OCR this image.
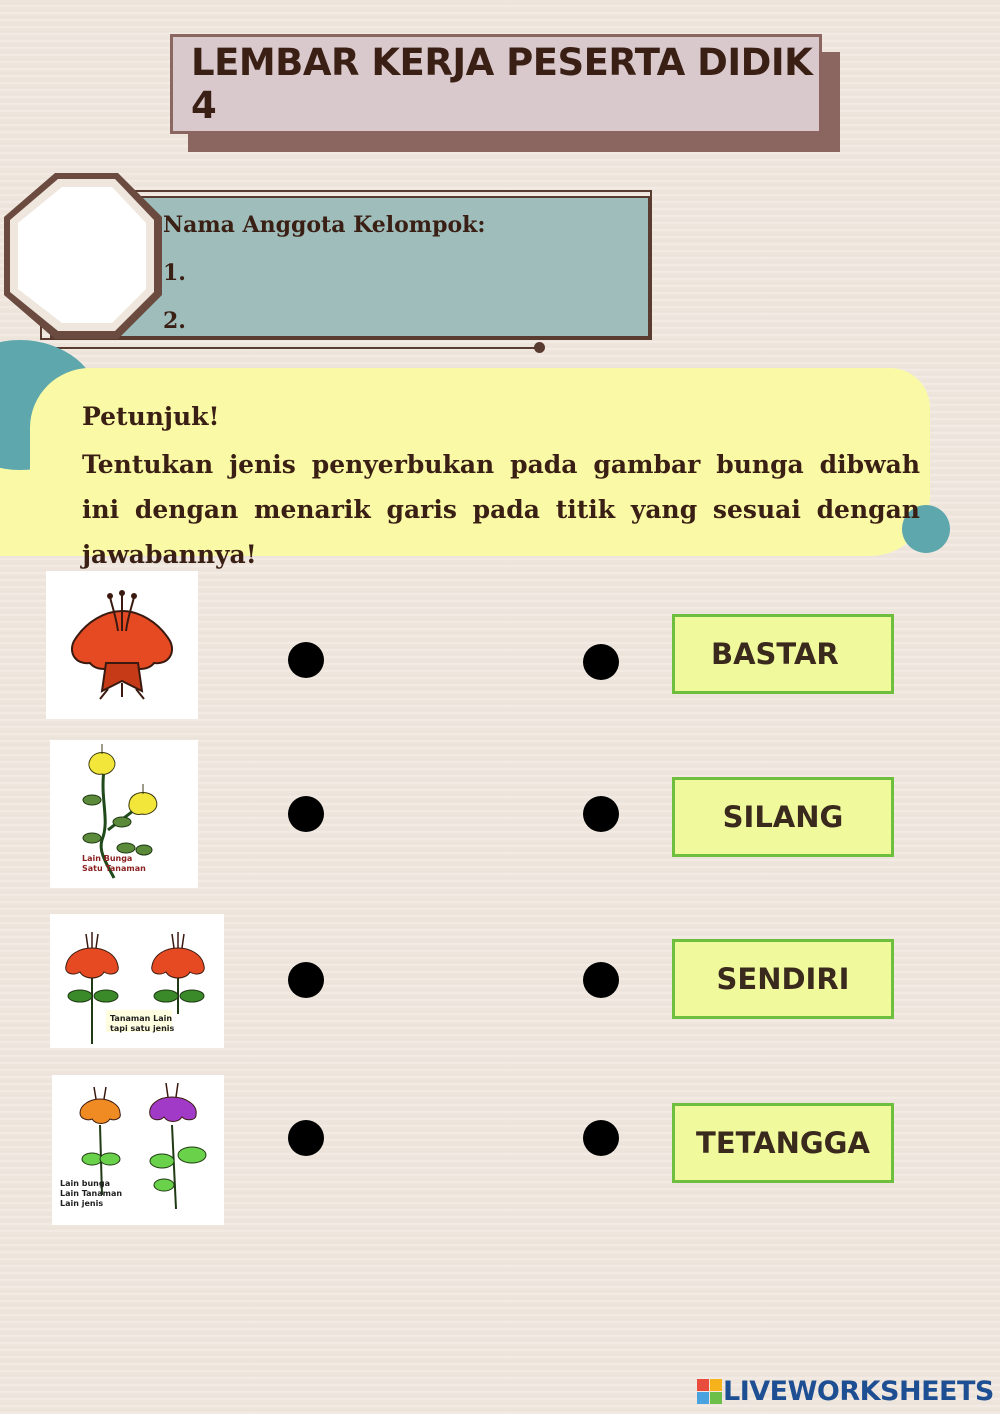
LEMBAR KERJA PESERTA DIDIK 4
Nama Anggota Kelompok:
1.
2.
Petunjuk!
Tentukan jenis penyerbukan pada gambar bunga dibwah ini dengan menarik garis pada titik yang sesuai dengan jawabannya!
Lain Bunga
Satu Tanaman
Tanaman Lain
tapi satu jenis
Lain bunga
Lain Tanaman
Lain jenis
BASTAR
SILANG
SENDIRI
TETANGGA
LIVEWORKSHEETS
